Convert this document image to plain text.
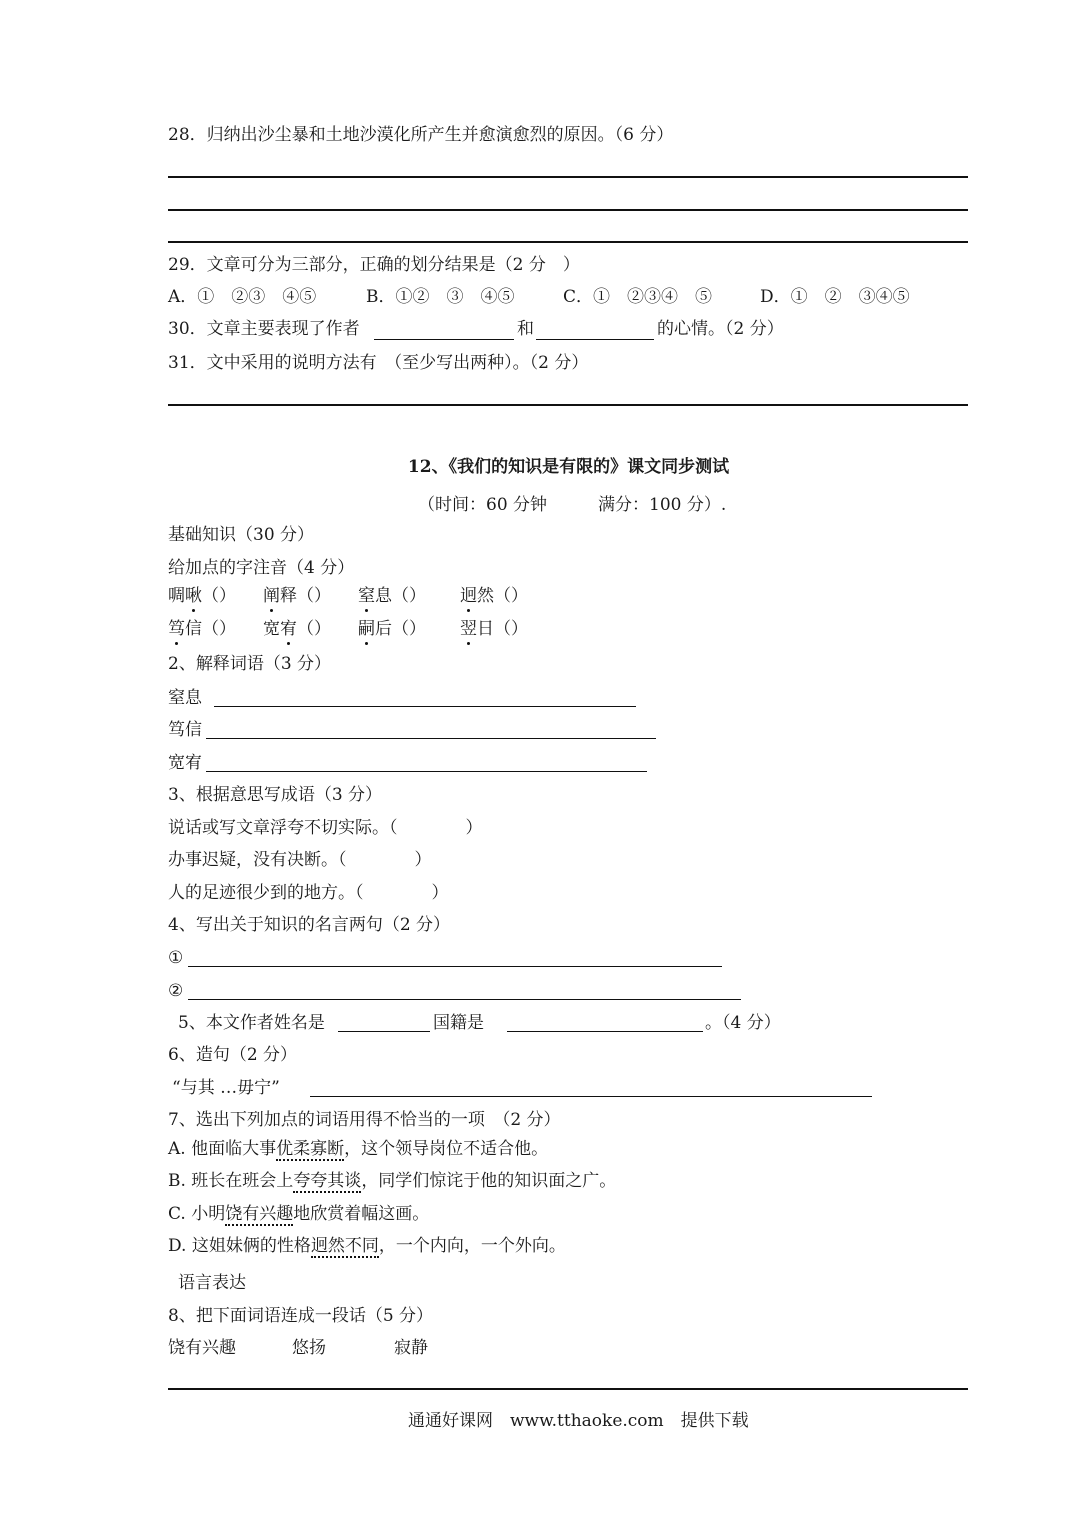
28．归纳出沙尘暴和土地沙漠化所产生并愈演愈烈的原因。（6 分）
29．文章可分为三部分，正确的划分结果是（2 分　）
A．①　②③　④⑤	B．①②　③　④⑤	C．①　②③④　⑤	D．①　②　③④⑤
30．文章主要表现了作者	和	的心情。（2 分）
31．文中采用的说明方法有　（至少写出两种）。（2 分）
12、《我们的知识是有限的》课文同步测试
（时间：60 分钟　　　满分：100 分）.
基础知识（30 分）
给加点的字注音（4 分）
啁啾（） 阐释（） 窒息（） 迥然（）
笃信（） 宽宥（） 嗣后（） 翌日（）
2、解释词语（3 分）
窒息
笃信
宽宥
3、根据意思写成语（3 分）
说话或写文章浮夸不切实际。（　　　　）
办事迟疑，没有决断。（　　　　）
人的足迹很少到的地方。（　　　　）
4、写出关于知识的名言两句（2 分）
①
②
5、本文作者姓名是	国籍是	。（4 分）
6、造句（2 分）
“与其 …毋宁”
7、选出下列加点的词语用得不恰当的一项　（2 分）
A. 他面临大事优柔寡断，这个领导岗位不适合他。
B. 班长在班会上夸夸其谈，同学们惊诧于他的知识面之广。
C. 小明饶有兴趣地欣赏着幅这画。
D. 这姐妹俩的性格迥然不同，一个内向，一个外向。
语言表达
8、把下面词语连成一段话（5 分）
饶有兴趣	悠扬	寂静
通通好课网　www.tthaoke.com　提供下载
